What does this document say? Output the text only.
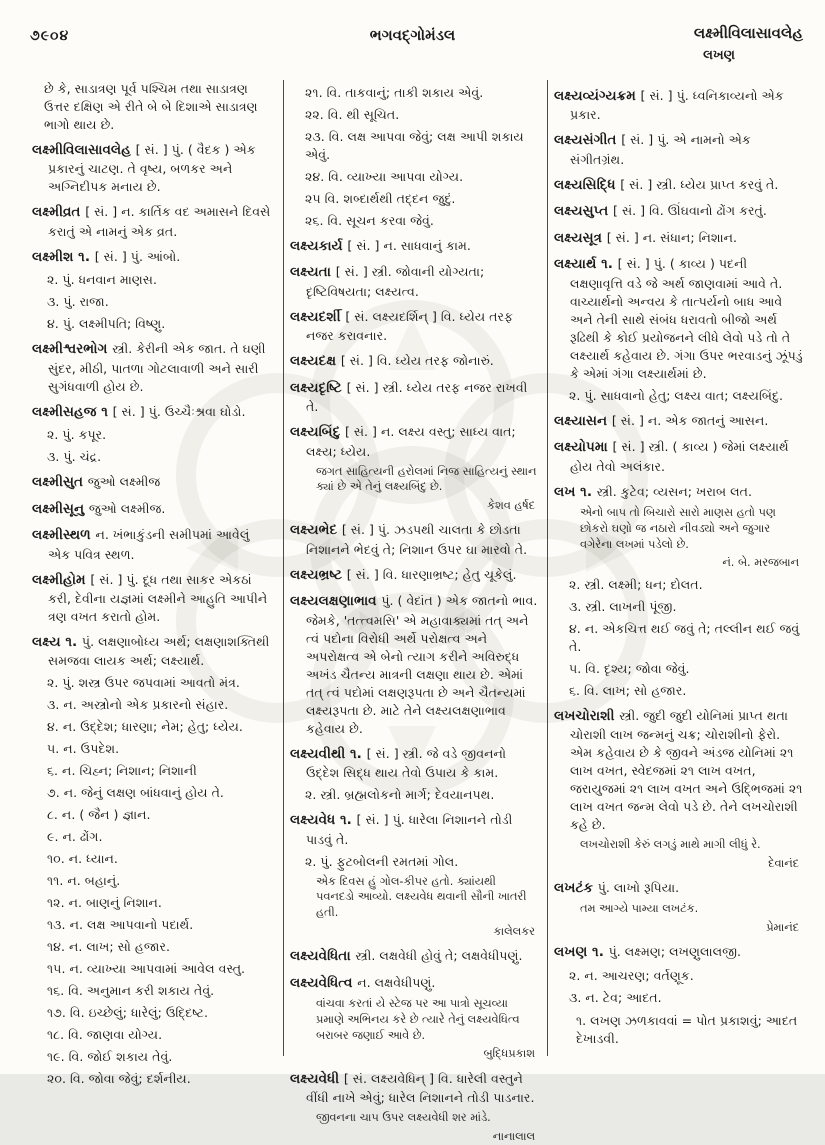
૭૯૦૪	ભગવદ્ગોમંડલ	લક્ષ્મીવિલાસાવલેહ
લખણ
છે કે, સાડાત્રણ પૂર્વ પશ્ચિમ તથા સાડાત્રણ ઉત્તર દક્ષિણ એ રીતે બે બે દિશાએ સાડાત્રણ ભાગો થાય છે.
લક્ષ્મીવિલાસાવલેહ [ સં. ] પું. ( વૈદક ) એક પ્રકારનું ચાટણ. તે વૃષ્ય, બળકર અને અગ્નિદીપક મનાય છે.
લક્ષ્મીવ્રત [ સં. ] ન. કાર્તિક વદ અમાસને દિવસે કરાતું એ નામનું એક વ્રત.
લક્ષ્મીશ ૧. [ સં. ] પું. આંબો.
૨. પું. ધનવાન માણસ.
૩. પું. રાજા.
૪. પું. લક્ષ્મીપતિ; વિષ્ણુ.
લક્ષ્મીશ્વરભોગ સ્ત્રી. કેરીની એક જાત. તે ઘણી સુંદર, મીઠી, પાતળા ગોટલાવાળી અને સારી સુગંધવાળી હોય છે.
લક્ષ્મીસહજ ૧ [ સં. ] પું. ઉચ્ચૈઃશ્રવા ઘોડો.
૨. પું. કપૂર.
૩. પું. ચંદ્ર.
લક્ષ્મીસુત જુઓ લક્ષ્મીજ
લક્ષ્મીસૂનુ જુઓ લક્ષ્મીજ.
લક્ષ્મીસ્થળ ન. ખંભાકુંડની સમીપમાં આવેલું એક પવિત્ર સ્થળ.
લક્ષ્મીહોમ [ સં. ] પું. દૂધ તથા સાકર એકઠાં કરી, દેવીના યજ્ઞમાં લક્ષ્મીને આહુતિ આપીને ત્રણ વખત કરાતો હોમ.
લક્ષ્ય ૧. પું. લક્ષણાબોધ્ય અર્થ; લક્ષણાશક્તિથી સમજવા લાયક અર્થ; લક્ષ્યાર્થ.
૨. પું. શસ્ત્ર ઉપર જપવામાં આવતો મંત્ર.
૩. ન. અસ્ત્રોનો એક પ્રકારનો સંહાર.
૪. ન. ઉદ્દેશ; ધારણા; નેમ; હેતુ; ધ્યેય.
૫. ન. ઉપદેશ.
૬. ન. ચિહ્ન; નિશાન; નિશાની
૭. ન. જેનું લક્ષણ બાંધવાનું હોય તે.
૮. ન. ( જૈન ) જ્ઞાન.
૯. ન. ઢોંગ.
૧૦. ન. ધ્યાન.
૧૧. ન. બહાનું.
૧૨. ન. બાણનું નિશાન.
૧૩. ન. લક્ષ આપવાનો પદાર્થ.
૧૪. ન. લાખ; સો હજાર.
૧૫. ન. વ્યાખ્યા આપવામાં આવેલ વસ્તુ.
૧૬. વિ. અનુમાન કરી શકાય તેવું.
૧૭. વિ. ઇચ્છેલું; ધારેલું; ઉદ્દિષ્ટ.
૧૮. વિ. જાણવા યોગ્ય.
૧૯. વિ. જોઈ શકાય તેવું.
૨૦. વિ. જોવા જેવું; દર્શનીય.
૨૧. વિ. તાકવાનું; તાકી શકાય એવું.
૨૨. વિ. થી સૂચિત.
૨૩. વિ. લક્ષ આપવા જેવું; લક્ષ આપી શકાય એવું.
૨૪. વિ. વ્યાખ્યા આપવા યોગ્ય.
૨૫ વિ. શબ્દાર્થથી તદ્દન જુદું.
૨૬. વિ. સૂચન કરવા જેવું.
લક્ષ્યકાર્ય [ સં. ] ન. સાધવાનું કામ.
લક્ષ્યતા [ સં. ] સ્ત્રી. જોવાની યોગ્યતા; દૃષ્ટિવિષયતા; લક્ષ્યત્વ.
લક્ષ્યદર્શી [ સં. લક્ષ્યદર્શિન્ ] વિ. ધ્યેય તરફ નજર કરાવનાર.
લક્ષ્યદક્ષ [ સં. ] વિ. ધ્યેય તરફ જોનારું.
લક્ષ્યદૃષ્ટિ [ સં. ] સ્ત્રી. ધ્યેય તરફ નજર રાખવી તે.
લક્ષ્યબિંદુ [ સં. ] ન. લક્ષ્ય વસ્તુ; સાધ્ય વાત; લક્ષ્ય; ધ્યેય.
જગત સાહિત્યની હરોલમાં નિજ સાહિત્યનું સ્થાન ક્યાં છે એ તેનું લક્ષ્યબિંદુ છે.
કેશવ હર્ષદ
લક્ષ્યભેદ [ સં. ] પું. ઝડપથી ચાલતા કે છોડતા નિશાનને ભેદવું તે; નિશાન ઉપર ઘા મારવો તે.
લક્ષ્યભ્રષ્ટ [ સં. ] વિ. ધારણાભ્રષ્ટ; હેતુ ચૂકેલું.
લક્ષ્યલક્ષણાભાવ પું. ( વેદાંત ) એક જાતનો ભાવ. જેમકે, 'તત્ત્વમસિ' એ મહાવાક્યમાં તત્ અને ત્વં પદોના વિરોધી અર્થે પરોક્ષત્વ અને અપરોક્ષત્વ એ બેનો ત્યાગ કરીને અવિરુદ્ધ અખંડ ચૈતન્ય માત્રની લક્ષણા થાય છે. એમાં તત્ ત્વં પદોમાં લક્ષણરૂપતા છે અને ચૈતન્યમાં લક્ષ્યરૂપતા છે. માટે તેને લક્ષ્યલક્ષણાભાવ કહેવાય છે.
લક્ષ્યવીથી ૧. [ સં. ] સ્ત્રી. જે વડે જીવનનો ઉદ્દેશ સિદ્ધ થાય તેવો ઉપાય કે કામ.
૨. સ્ત્રી. બ્રહ્મલોકનો માર્ગ; દેવયાનપથ.
લક્ષ્યવેધ ૧. [ સં. ] પું. ધારેલા નિશાનને તોડી પાડવું તે.
૨. પું. ફુટબોલની રમતમાં ગોલ.
એક દિવસ હું ગોલ-કીપર હતો. ક્યાંયથી પવનદડો આવ્યો. લક્ષ્યવેધ થવાની સૌની ખાતરી હતી.
કાલેલકર
લક્ષ્યવેધિતા સ્ત્રી. લક્ષવેધી હોવું તે; લક્ષવેધીપણું.
લક્ષ્યવેધિત્વ ન. લક્ષવેધીપણું.
વાંચવા કરતાં યે સ્ટેજ પર આ પાત્રો સૂચવ્યા પ્રમાણે અભિનય કરે છે ત્યારે તેનું લક્ષ્યવેધિત્વ બરાબર જણાઈ આવે છે.
બુદ્ધિપ્રકાશ
લક્ષ્યવેધી [ સં. લક્ષ્યવેધિન્ ] વિ. ધારેલી વસ્તુને વીંધી નાખે એવું; ધારેલ નિશાનને તોડી પાડનાર.
જીવનના ચાપ ઉપર લક્ષ્યવેધી શર માંડે.
નાનાલાલ
લક્ષ્યવ્યંગ્યક્રમ [ સં. ] પું. ધ્વનિકાવ્યનો એક પ્રકાર.
લક્ષ્યસંગીત [ સં. ] પું. એ નામનો એક સંગીતગ્રંથ.
લક્ષ્યસિદ્ધિ [ સં. ] સ્ત્રી. ધ્યેય પ્રાપ્ત કરવું તે.
લક્ષ્યસુપ્ત [ સં. ] વિ. ઊંઘવાનો ઢોંગ કરતું.
લક્ષ્યસૂત્ર [ સં. ] ન. સંધાન; નિશાન.
લક્ષ્યાર્થ ૧. [ સં. ] પું. ( કાવ્ય ) પદની લક્ષણાવૃત્તિ વડે જે અર્થ જાણવામાં આવે તે. વાચ્યાર્થનો અન્વય કે તાત્પર્યનો બાધ આવે અને તેની સાથે સંબંધ ધરાવતો બીજો અર્થ રૂઢિથી કે કોઈ પ્રયોજનને લીધે લેવો પડે તો તે લક્ષ્યાર્થ કહેવાય છે. ગંગા ઉપર ભરવાડનું ઝૂંપડું કે એમાં ગંગા લક્ષ્યાર્થમાં છે.
૨. પું. સાધવાનો હેતુ; લક્ષ્ય વાત; લક્ષ્યબિંદુ.
લક્ષ્યાસન [ સં. ] ન. એક જાતનું આસન.
લક્ષ્યોપમા [ સં. ] સ્ત્રી. ( કાવ્ય ) જેમાં લક્ષ્યાર્થ હોય તેવો અલંકાર.
લખ ૧. સ્ત્રી. કુટેવ; વ્યસન; ખરાબ લત.
એનો બાપ તો બિચારો સારો માણસ હતો પણ છોકરો ઘણો જ નઠારો નીવડ્યો અને જુગાર વગેરેના લખમાં પડેલો છે.
નં. બે. મરજબાન
૨. સ્ત્રી. લક્ષ્મી; ધન; દોલત.
૩. સ્ત્રી. લાખની પૂંજી.
૪. ન. એકચિત્ત થઈ જવું તે; તલ્લીન થઈ જવું તે.
૫. વિ. દૃશ્ય; જોવા જેવું.
૬. વિ. લાખ; સો હજાર.
લખચોરાશી સ્ત્રી. જુદી જુદી યોનિમાં પ્રાપ્ત થતા ચોરાશી લાખ જન્મનું ચક્ર; ચોરાશીનો ફેરો. એમ કહેવાય છે કે જીવને અંડજ યોનિમાં ૨૧ લાખ વખત, સ્વેદજમાં ૨૧ લાખ વખત, જરાયુજમાં ૨૧ લાખ વખત અને ઉદ્ભિજમાં ૨૧ લાખ વખત જન્મ લેવો પડે છે. તેને લખચોરાશી કહે છે.
લખચોરાશી કેરું લગડું માથે માગી લીધું રે.
દેવાનંદ
લખટંક પું. લાખો રૂપિયા.
તમ આગ્યે પામ્યા લખટંક.
પ્રેમાનંદ
લખણ ૧. પું. લક્ષ્મણ; લખણુલાલજી.
૨. ન. આચરણ; વર્તણૂક.
૩. ન. ટેવ; આદત.
૧. લખણ ઝળકાવવાં = પોત પ્રકાશવું; આદત દેખાડવી.
